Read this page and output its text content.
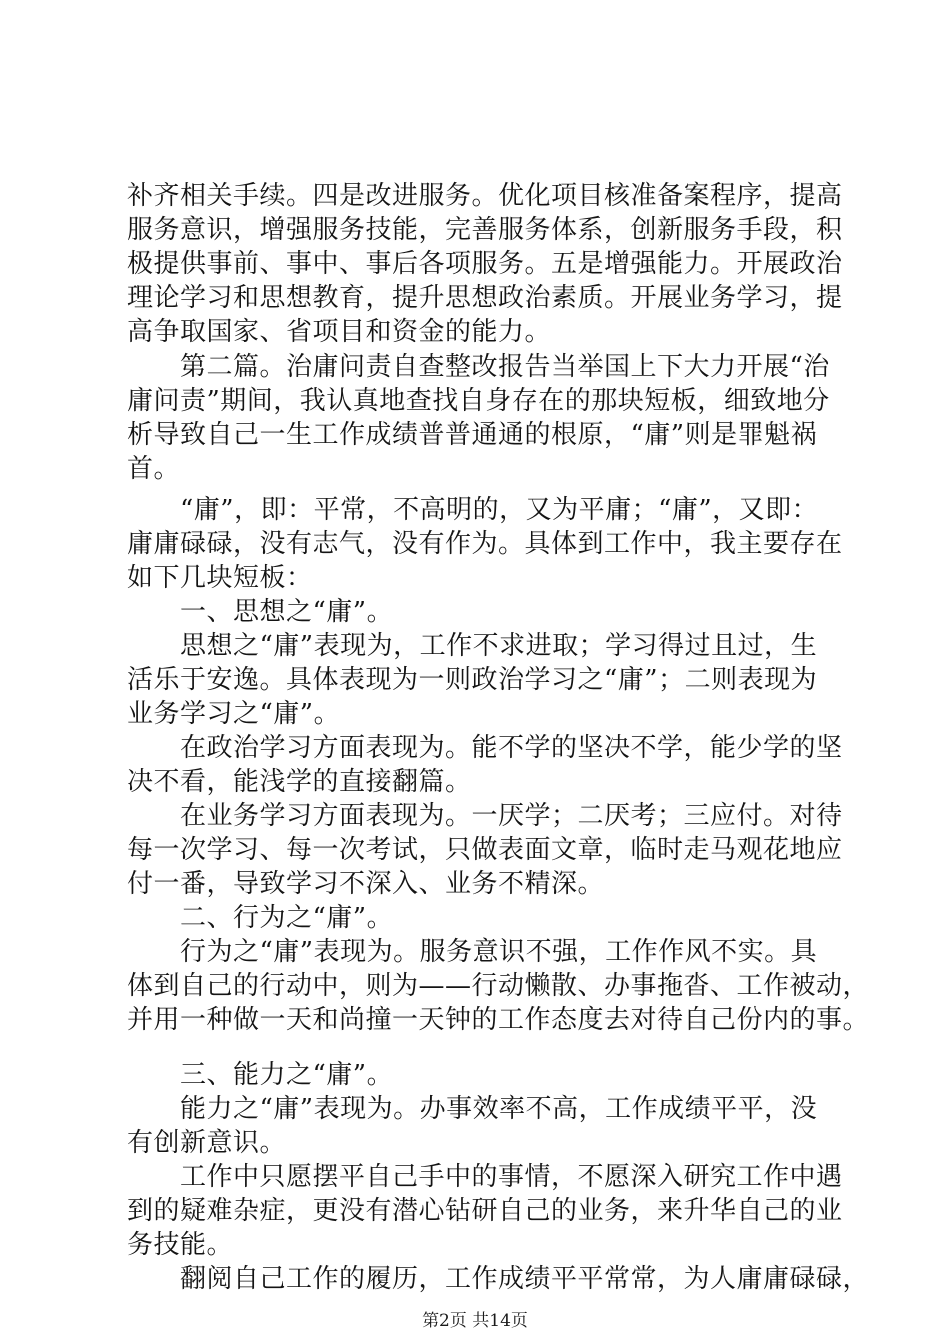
补齐相关手续。四是改进服务。优化项目核准备案程序，提高
服务意识，增强服务技能，完善服务体系，创新服务手段，积
极提供事前、事中、事后各项服务。五是增强能力。开展政治
理论学习和思想教育，提升思想政治素质。开展业务学习，提
高争取国家、省项目和资金的能力。
　　第二篇。治庸问责自查整改报告当举国上下大力开展“治
庸问责”期间，我认真地查找自身存在的那块短板，细致地分
析导致自己一生工作成绩普普通通的根原，“庸”则是罪魁祸
首。
　　“庸”，即：平常，不高明的，又为平庸；“庸”，又即：
庸庸碌碌，没有志气，没有作为。具体到工作中，我主要存在
如下几块短板：
　　一、思想之“庸”。
　　思想之“庸”表现为，工作不求进取；学习得过且过，生
活乐于安逸。具体表现为一则政治学习之“庸”；二则表现为
业务学习之“庸”。
　　在政治学习方面表现为。能不学的坚决不学，能少学的坚
决不看，能浅学的直接翻篇。
　　在业务学习方面表现为。一厌学；二厌考；三应付。对待
每一次学习、每一次考试，只做表面文章，临时走马观花地应
付一番，导致学习不深入、业务不精深。
　　二、行为之“庸”。
　　行为之“庸”表现为。服务意识不强，工作作风不实。具
体到自己的行动中，则为——行动懒散、办事拖沓、工作被动，
并用一种做一天和尚撞一天钟的工作态度去对待自己份内的事。
　　三、能力之“庸”。
　　能力之“庸”表现为。办事效率不高，工作成绩平平，没
有创新意识。
　　工作中只愿摆平自己手中的事情，不愿深入研究工作中遇
到的疑难杂症，更没有潜心钻研自己的业务，来升华自己的业
务技能。
　　翻阅自己工作的履历，工作成绩平平常常，为人庸庸碌碌，
第2页 共14页
